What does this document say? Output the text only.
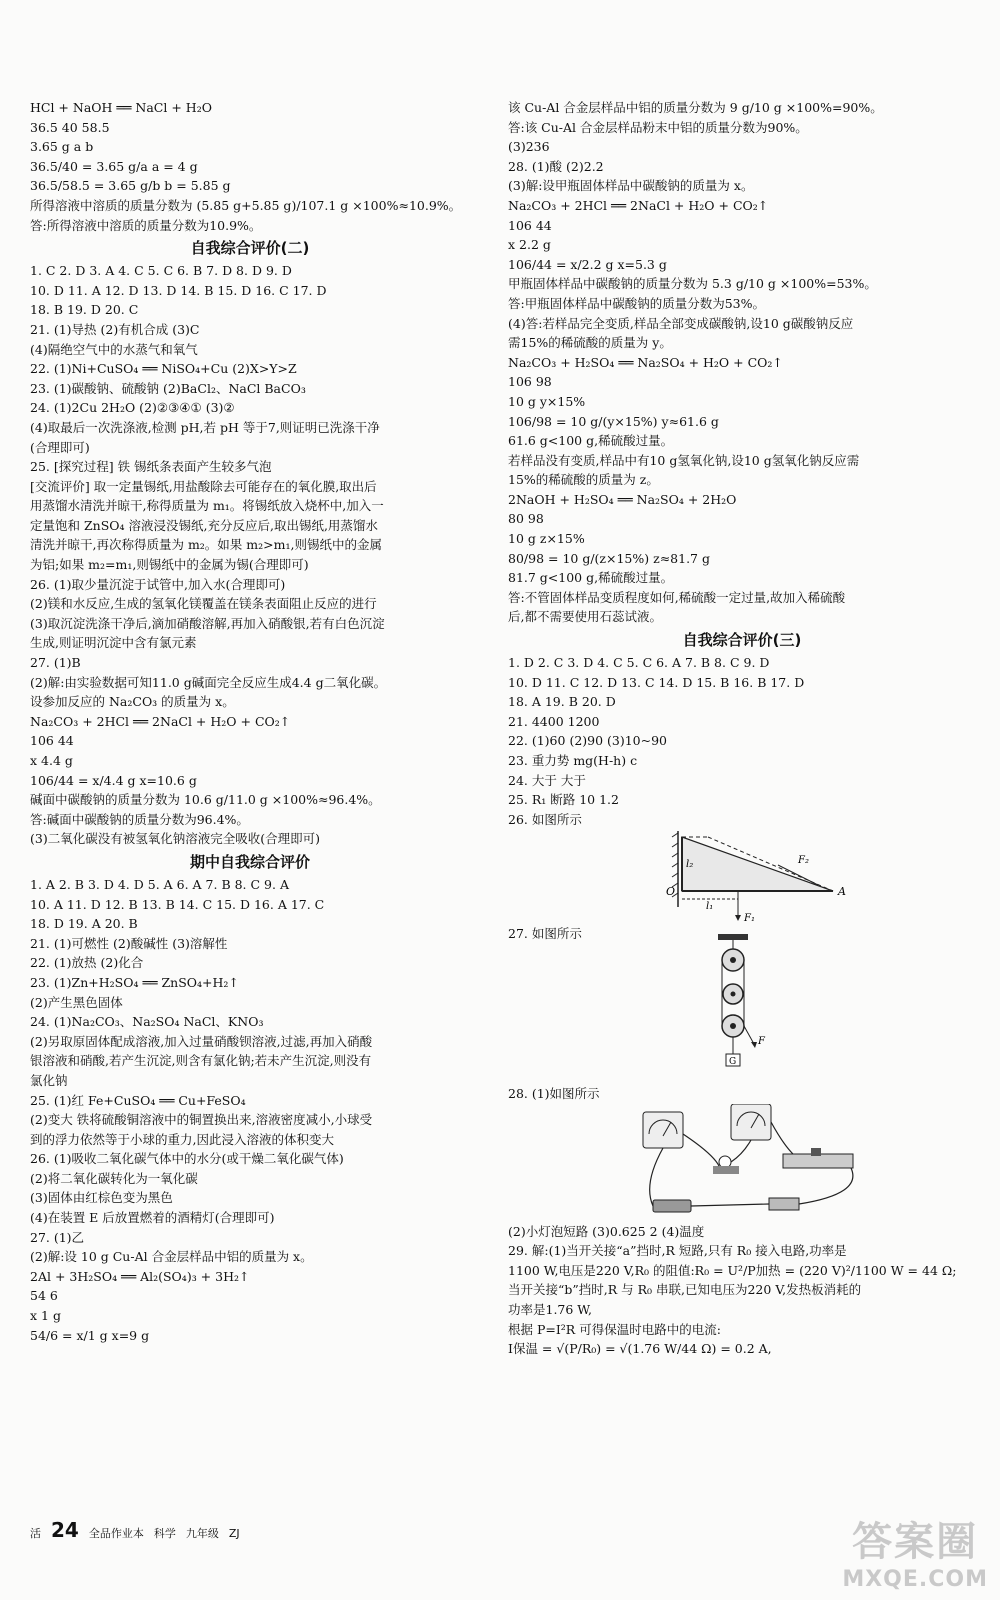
HCl + NaOH ══ NaCl + H₂O
36.5 40 58.5
3.65 g a b
36.5/40 = 3.65 g/a a = 4 g
36.5/58.5 = 3.65 g/b b = 5.85 g
所得溶液中溶质的质量分数为 (5.85 g+5.85 g)/107.1 g ×100%≈10.9%。
答:所得溶液中溶质的质量分数为10.9%。
自我综合评价(二)
1. C 2. D 3. A 4. C 5. C 6. B 7. D 8. D 9. D
10. D 11. A 12. D 13. D 14. B 15. D 16. C 17. D
18. B 19. D 20. C
21. (1)导热 (2)有机合成 (3)C
(4)隔绝空气中的水蒸气和氧气
22. (1)Ni+CuSO₄ ══ NiSO₄+Cu (2)X>Y>Z
23. (1)碳酸钠、硫酸钠 (2)BaCl₂、NaCl BaCO₃
24. (1)2Cu 2H₂O (2)②③④① (3)②
(4)取最后一次洗涤液,检测 pH,若 pH 等于7,则证明已洗涤干净
(合理即可)
25. [探究过程] 铁 锡纸条表面产生较多气泡
[交流评价] 取一定量锡纸,用盐酸除去可能存在的氧化膜,取出后
用蒸馏水清洗并晾干,称得质量为 m₁。将锡纸放入烧杯中,加入一
定量饱和 ZnSO₄ 溶液浸没锡纸,充分反应后,取出锡纸,用蒸馏水
清洗并晾干,再次称得质量为 m₂。如果 m₂>m₁,则锡纸中的金属
为铝;如果 m₂=m₁,则锡纸中的金属为锡(合理即可)
26. (1)取少量沉淀于试管中,加入水(合理即可)
(2)镁和水反应,生成的氢氧化镁覆盖在镁条表面阻止反应的进行
(3)取沉淀洗涤干净后,滴加硝酸溶解,再加入硝酸银,若有白色沉淀
生成,则证明沉淀中含有氯元素
27. (1)B
(2)解:由实验数据可知11.0 g碱面完全反应生成4.4 g二氧化碳。
设参加反应的 Na₂CO₃ 的质量为 x。
Na₂CO₃ + 2HCl ══ 2NaCl + H₂O + CO₂↑
106 44
x 4.4 g
106/44 = x/4.4 g x=10.6 g
碱面中碳酸钠的质量分数为 10.6 g/11.0 g ×100%≈96.4%。
答:碱面中碳酸钠的质量分数为96.4%。
(3)二氧化碳没有被氢氧化钠溶液完全吸收(合理即可)
期中自我综合评价
1. A 2. B 3. D 4. D 5. A 6. A 7. B 8. C 9. A
10. A 11. D 12. B 13. B 14. C 15. D 16. A 17. C
18. D 19. A 20. B
21. (1)可燃性 (2)酸碱性 (3)溶解性
22. (1)放热 (2)化合
23. (1)Zn+H₂SO₄ ══ ZnSO₄+H₂↑
(2)产生黑色固体
24. (1)Na₂CO₃、Na₂SO₄ NaCl、KNO₃
(2)另取原固体配成溶液,加入过量硝酸钡溶液,过滤,再加入硝酸
银溶液和硝酸,若产生沉淀,则含有氯化钠;若未产生沉淀,则没有
氯化钠
25. (1)红 Fe+CuSO₄ ══ Cu+FeSO₄
(2)变大 铁将硫酸铜溶液中的铜置换出来,溶液密度减小,小球受
到的浮力依然等于小球的重力,因此浸入溶液的体积变大
26. (1)吸收二氧化碳气体中的水分(或干燥二氧化碳气体)
(2)将二氧化碳转化为一氧化碳
(3)固体由红棕色变为黑色
(4)在装置 E 后放置燃着的酒精灯(合理即可)
27. (1)乙
(2)解:设 10 g Cu-Al 合金层样品中铝的质量为 x。
2Al + 3H₂SO₄ ══ Al₂(SO₄)₃ + 3H₂↑
54 6
x 1 g
54/6 = x/1 g x=9 g
该 Cu-Al 合金层样品中铝的质量分数为 9 g/10 g ×100%=90%。
答:该 Cu-Al 合金层样品粉末中铝的质量分数为90%。
(3)236
28. (1)酸 (2)2.2
(3)解:设甲瓶固体样品中碳酸钠的质量为 x。
Na₂CO₃ + 2HCl ══ 2NaCl + H₂O + CO₂↑
106 44
x 2.2 g
106/44 = x/2.2 g x=5.3 g
甲瓶固体样品中碳酸钠的质量分数为 5.3 g/10 g ×100%=53%。
答:甲瓶固体样品中碳酸钠的质量分数为53%。
(4)答:若样品完全变质,样品全部变成碳酸钠,设10 g碳酸钠反应
需15%的稀硫酸的质量为 y。
Na₂CO₃ + H₂SO₄ ══ Na₂SO₄ + H₂O + CO₂↑
106 98
10 g y×15%
106/98 = 10 g/(y×15%) y≈61.6 g
61.6 g<100 g,稀硫酸过量。
若样品没有变质,样品中有10 g氢氧化钠,设10 g氢氧化钠反应需
15%的稀硫酸的质量为 z。
2NaOH + H₂SO₄ ══ Na₂SO₄ + 2H₂O
80 98
10 g z×15%
80/98 = 10 g/(z×15%) z≈81.7 g
81.7 g<100 g,稀硫酸过量。
答:不管固体样品变质程度如何,稀硫酸一定过量,故加入稀硫酸
后,都不需要使用石蕊试液。
自我综合评价(三)
1. D 2. C 3. D 4. C 5. C 6. A 7. B 8. C 9. D
10. D 11. C 12. D 13. C 14. D 15. B 16. B 17. D
18. A 19. B 20. D
21. 4400 1200
22. (1)60 (2)90 (3)10~90
23. 重力势 mg(H-h) c
24. 大于 大于
25. R₁ 断路 10 1.2
26. 如图所示
O
l₂
l₁
F₂
A
F₁
27. 如图所示
F
G
28. (1)如图所示
(2)小灯泡短路 (3)0.625 2 (4)温度
29. 解:(1)当开关接“a”挡时,R 短路,只有 R₀ 接入电路,功率是
1100 W,电压是220 V,R₀ 的阻值:R₀ = U²/P加热 = (220 V)²/1100 W = 44 Ω;
当开关接“b”挡时,R 与 R₀ 串联,已知电压为220 V,发热板消耗的
功率是1.76 W,
根据 P=I²R 可得保温时电路中的电流:
I保温 = √(P/R₀) = √(1.76 W/44 Ω) = 0.2 A,
活 24 全品作业本 科学 九年级 ZJ	答案圈
MXQE.COM
